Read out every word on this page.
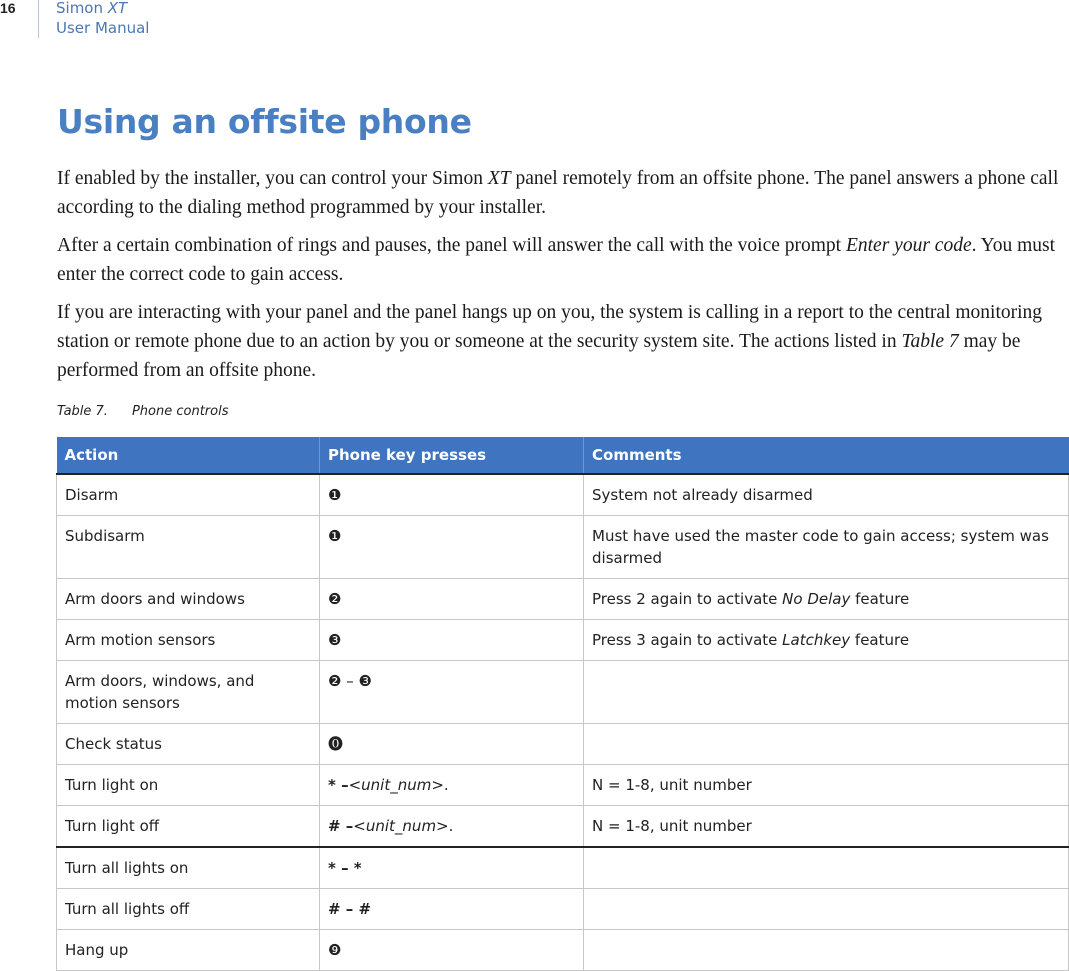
16	Simon XT
User Manual
Using an offsite phone

If enabled by the installer, you can control your Simon XT panel remotely from an offsite phone. The panel answers a phone call according to the dialing method programmed by your installer.

After a certain combination of rings and pauses, the panel will answer the call with the voice prompt Enter your code. You must enter the correct code to gain access.

If you are interacting with your panel and the panel hangs up on you, the system is calling in a report to the central monitoring station or remote phone due to an action by you or someone at the security system site. The actions listed in Table 7 may be performed from an offsite phone.

Table 7. Phone controls
Action	Phone key presses	Comments
Disarm	❶	System not already disarmed
Subdisarm	❶	Must have used the master code to gain access; system was disarmed
Arm doors and windows	❷	Press 2 again to activate No Delay feature
Arm motion sensors	❸	Press 3 again to activate Latchkey feature
Arm doors, windows, and motion sensors	❷ – ❸	
Check status	⓿	
Turn light on	* –<unit_num>.	N = 1-8, unit number
Turn light off	# –<unit_num>.	N = 1-8, unit number
Turn all lights on	* – *	
Turn all lights off	# – #	
Hang up	❾	
